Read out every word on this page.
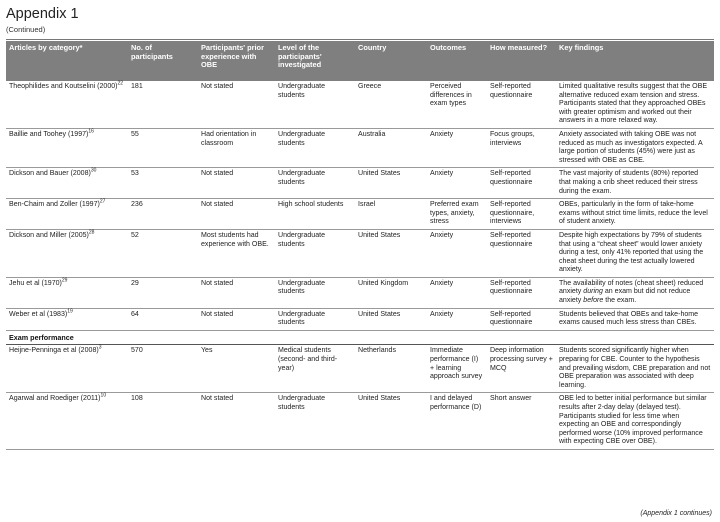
Appendix 1
(Continued)
Articles by category*	No. of participants	Participants' prior experience with OBE	Level of the participants' investigated	Country	Outcomes	How measured?	Key findings
Theophilides and Koutselini $(2000)^{22}$	181	Not stated	Undergraduate students	Greece	Perceived differences in exam types	Self-reported questionnaire	Limited qualitative results suggest that the OBE alternative reduced exam tension and stress. Participants stated that they approached OBEs with greater optimism and worked out their answers in a more relaxed way.
Baillie and Toohey $(1997)^{16}$	55	Had orientation in classroom	Undergraduate students	Australia	Anxiety	Focus groups, interviews	Anxiety associated with taking OBE was not reduced as much as investigators expected. A large portion of students (45%) were just as stressed with OBE as CBE.
Dickson and Bauer $(2008)^{30}$	53	Not stated	Undergraduate students	United States	Anxiety	Self-reported questionnaire	The vast majority of students (80%) reported that making a crib sheet reduced their stress during the exam.
Ben-Chaim and Zoller $(1997)^{27}$	236	Not stated	High school students	Israel	Preferred exam types, anxiety, stress	Self-reported questionnaire, interviews	OBEs, particularly in the form of take-home exams without strict time limits, reduce the level of student anxiety.
Dickson and Miller $(2005)^{28}$	52	Most students had experience with OBE.	Undergraduate students	United States	Anxiety	Self-reported questionnaire	Despite high expectations by 79% of students that using a “cheat sheet” would lower anxiety during a test, only 41% reported that using the cheat sheet during the test actually lowered anxiety.
Jehu et al $(1970)^{29}$	29	Not stated	Undergraduate students	United Kingdom	Anxiety	Self-reported questionnaire	The availability of notes (cheat sheet) reduced anxiety during an exam but did not reduce anxiety before the exam.
Weber et al $(1983)^{19}$	64	Not stated	Undergraduate students	United States	Anxiety	Self-reported questionnaire	Students believed that OBEs and take-home exams caused much less stress than CBEs.
Exam performance							
Heijne-Penninga et al $(2008)^3$	570	Yes	Medical students (second- and third-year)	Netherlands	Immediate performance (I) + learning approach survey	Deep information processing survey + MCQ	Students scored significantly higher when preparing for CBE. Counter to the hypothesis and prevailing wisdom, CBE preparation and not OBE preparation was associated with deep learning.
Agarwal and Roediger $(2011)^{10}$	108	Not stated	Undergraduate students	United States	I and delayed performance (D)	Short answer	OBE led to better initial performance but similar results after 2-day delay (delayed test). Participants studied for less time when expecting an OBE and correspondingly performed worse (10% improved performance with expecting CBE over OBE).
(Appendix 1 continues)
